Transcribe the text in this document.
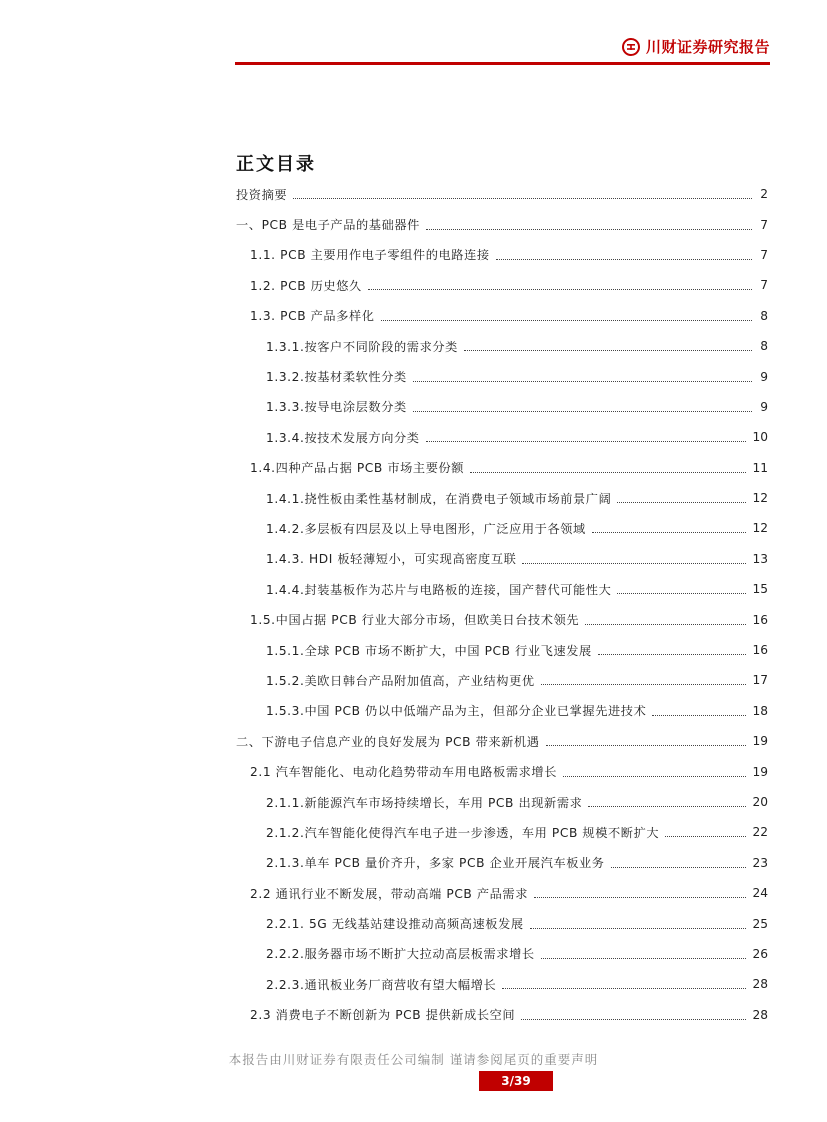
川财证券研究报告
正文目录
投资摘要	2
一、PCB 是电子产品的基础器件	7
1.1. PCB 主要用作电子零组件的电路连接	7
1.2. PCB 历史悠久	7
1.3. PCB 产品多样化	8
1.3.1.按客户不同阶段的需求分类	8
1.3.2.按基材柔软性分类	9
1.3.3.按导电涂层数分类	9
1.3.4.按技术发展方向分类	10
1.4.四种产品占据 PCB 市场主要份额	11
1.4.1.挠性板由柔性基材制成，在消费电子领域市场前景广阔	12
1.4.2.多层板有四层及以上导电图形，广泛应用于各领域	12
1.4.3. HDI 板轻薄短小，可实现高密度互联	13
1.4.4.封装基板作为芯片与电路板的连接，国产替代可能性大	15
1.5.中国占据 PCB 行业大部分市场，但欧美日台技术领先	16
1.5.1.全球 PCB 市场不断扩大，中国 PCB 行业飞速发展	16
1.5.2.美欧日韩台产品附加值高，产业结构更优	17
1.5.3.中国 PCB 仍以中低端产品为主，但部分企业已掌握先进技术	18
二、下游电子信息产业的良好发展为 PCB 带来新机遇	19
2.1 汽车智能化、电动化趋势带动车用电路板需求增长	19
2.1.1.新能源汽车市场持续增长，车用 PCB 出现新需求	20
2.1.2.汽车智能化使得汽车电子进一步渗透，车用 PCB 规模不断扩大	22
2.1.3.单车 PCB 量价齐升，多家 PCB 企业开展汽车板业务	23
2.2 通讯行业不断发展，带动高端 PCB 产品需求	24
2.2.1. 5G 无线基站建设推动高频高速板发展	25
2.2.2.服务器市场不断扩大拉动高层板需求增长	26
2.2.3.通讯板业务厂商营收有望大幅增长	28
2.3 消费电子不断创新为 PCB 提供新成长空间	28
本报告由川财证券有限责任公司编制 谨请参阅尾页的重要声明
3/39
